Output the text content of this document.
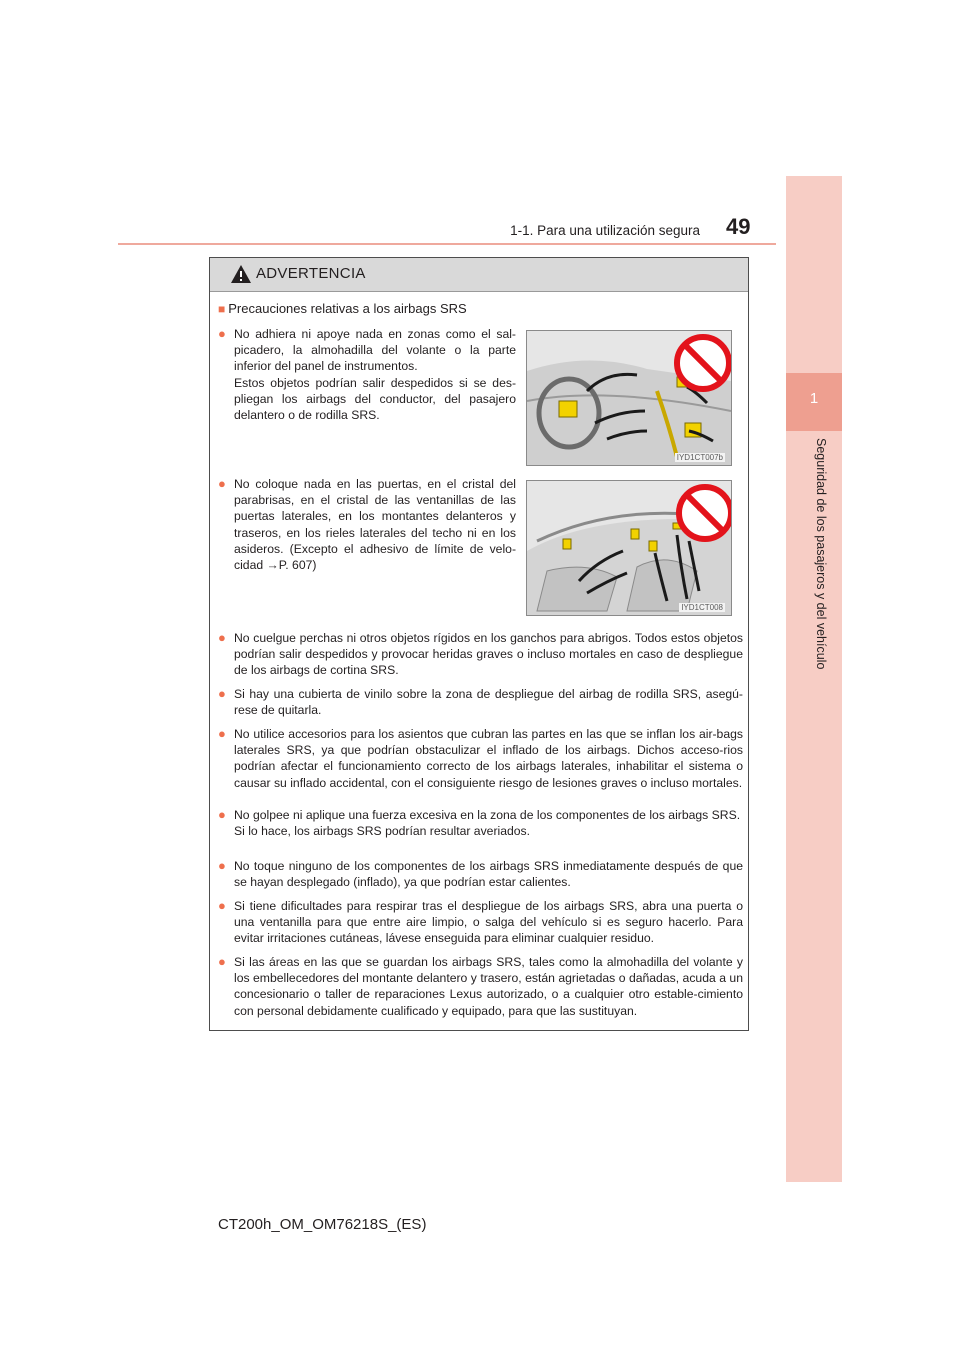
1-1. Para una utilización segura 49
1
Seguridad de los pasajeros y del vehículo
ADVERTENCIA
■ Precauciones relativas a los airbags SRS
● No adhiera ni apoye nada en zonas como el sal-picadero, la almohadilla del volante o la parte inferior del panel de instrumentos.
Estos objetos podrían salir despedidos si se des-pliegan los airbags del conductor, del pasajero delantero o de rodilla SRS.
IYD1CT007b
● No coloque nada en las puertas, en el cristal del parabrisas, en el cristal de las ventanillas de las puertas laterales, en los montantes delanteros y traseros, en los rieles laterales del techo ni en los asideros. (Excepto el adhesivo de límite de velo-cidad →P. 607)
IYD1CT008
● No cuelgue perchas ni otros objetos rígidos en los ganchos para abrigos. Todos estos objetos podrían salir despedidos y provocar heridas graves o incluso mortales en caso de despliegue de los airbags de cortina SRS.
● Si hay una cubierta de vinilo sobre la zona de despliegue del airbag de rodilla SRS, asegú-rese de quitarla.
● No utilice accesorios para los asientos que cubran las partes en las que se inflan los air-bags laterales SRS, ya que podrían obstaculizar el inflado de los airbags. Dichos acceso-rios podrían afectar el funcionamiento correcto de los airbags laterales, inhabilitar el sistema o causar su inflado accidental, con el consiguiente riesgo de lesiones graves o incluso mortales.
● No golpee ni aplique una fuerza excesiva en la zona de los componentes de los airbags SRS.
Si lo hace, los airbags SRS podrían resultar averiados.
● No toque ninguno de los componentes de los airbags SRS inmediatamente después de que se hayan desplegado (inflado), ya que podrían estar calientes.
● Si tiene dificultades para respirar tras el despliegue de los airbags SRS, abra una puerta o una ventanilla para que entre aire limpio, o salga del vehículo si es seguro hacerlo. Para evitar irritaciones cutáneas, lávese enseguida para eliminar cualquier residuo.
● Si las áreas en las que se guardan los airbags SRS, tales como la almohadilla del volante y los embellecedores del montante delantero y trasero, están agrietadas o dañadas, acuda a un concesionario o taller de reparaciones Lexus autorizado, o a cualquier otro estable-cimiento con personal debidamente cualificado y equipado, para que las sustituyan.
CT200h_OM_OM76218S_(ES)
